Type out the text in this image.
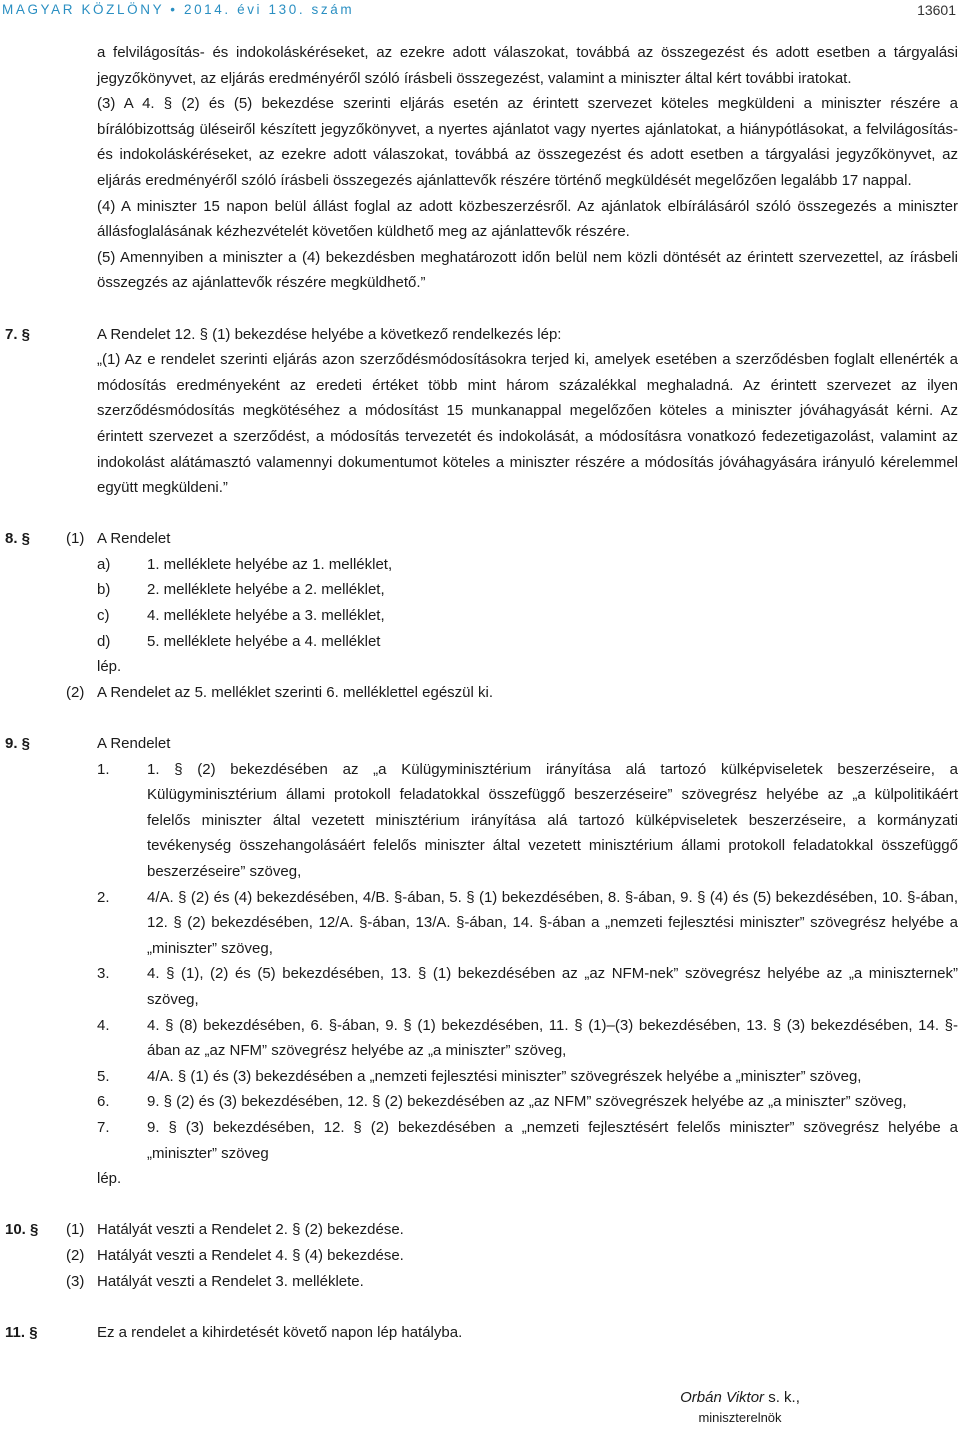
MAGYAR KÖZLÖNY • 2014. évi 130. szám	13601

a felvilágosítás- és indokoláskéréseket, az ezekre adott válaszokat, továbbá az összegezést és adott esetben a tárgyalási jegyzőkönyvet, az eljárás eredményéről szóló írásbeli összegezést, valamint a miniszter által kért további iratokat.

(3) A 4. § (2) és (5) bekezdése szerinti eljárás esetén az érintett szervezet köteles megküldeni a miniszter részére a bírálóbizottság üléseiről készített jegyzőkönyvet, a nyertes ajánlatot vagy nyertes ajánlatokat, a hiánypótlásokat, a felvilágosítás- és indokoláskéréseket, az ezekre adott válaszokat, továbbá az összegezést és adott esetben a tárgyalási jegyzőkönyvet, az eljárás eredményéről szóló írásbeli összegezés ajánlattevők részére történő megküldését megelőzően legalább 17 nappal.

(4) A miniszter 15 napon belül állást foglal az adott közbeszerzésről. Az ajánlatok elbírálásáról szóló összegezés a miniszter állásfoglalásának kézhezvételét követően küldhető meg az ajánlattevők részére.

(5) Amennyiben a miniszter a (4) bekezdésben meghatározott időn belül nem közli döntését az érintett szervezettel, az írásbeli összegzés az ajánlattevők részére megküldhető.”

7. §	A Rendelet 12. § (1) bekezdése helyébe a következő rendelkezés lép:

„(1) Az e rendelet szerinti eljárás azon szerződésmódosításokra terjed ki, amelyek esetében a szerződésben foglalt ellenérték a módosítás eredményeként az eredeti értéket több mint három százalékkal meghaladná. Az érintett szervezet az ilyen szerződésmódosítás megkötéséhez a módosítást 15 munkanappal megelőzően köteles a miniszter jóváhagyását kérni. Az érintett szervezet a szerződést, a módosítás tervezetét és indokolását, a módosításra vonatkozó fedezetigazolást, valamint az indokolást alátámasztó valamennyi dokumentumot köteles a miniszter részére a módosítás jóváhagyására irányuló kérelemmel együtt megküldeni.”

8. § (1) A Rendelet

a) 1. melléklete helyébe az 1. melléklet,

b) 2. melléklete helyébe a 2. melléklet,

c)	4. melléklete helyébe a 3. melléklet,

d) 5. melléklete helyébe a 4. melléklet

lép.

(2) A Rendelet az 5. melléklet szerinti 6. melléklettel egészül ki.

9. §	A Rendelet

1. 1. § (2) bekezdésében az „a Külügyminisztérium irányítása alá tartozó külképviseletek beszerzéseire, a Külügyminisztérium állami protokoll feladatokkal összefüggő beszerzéseire” szövegrész helyébe az „a külpolitikáért felelős miniszter által vezetett minisztérium irányítása alá tartozó külképviseletek beszerzéseire, a kormányzati tevékenység összehangolásáért felelős miniszter által vezetett minisztérium állami protokoll feladatokkal összefüggő beszerzéseire” szöveg,

2. 4/A. § (2) és (4) bekezdésében, 4/B. §-ában, 5. § (1) bekezdésében, 8. §-ában, 9. § (4) és (5) bekezdésében, 10. §-ában, 12. § (2) bekezdésében, 12/A. §-ában, 13/A. §-ában, 14. §-ában a „nemzeti fejlesztési miniszter” szövegrész helyébe a „miniszter” szöveg,

3. 4. § (1), (2) és (5) bekezdésében, 13. § (1) bekezdésében az „az NFM-nek” szövegrész helyébe az „a miniszternek” szöveg,

4. 4. § (8) bekezdésében, 6. §-ában, 9. § (1) bekezdésében, 11. § (1)–(3) bekezdésében, 13. § (3) bekezdésében, 14. §-ában az „az NFM” szövegrész helyébe az „a miniszter” szöveg,

5. 4/A. § (1) és (3) bekezdésében a „nemzeti fejlesztési miniszter” szövegrészek helyébe a „miniszter” szöveg,

6. 9. § (2) és (3) bekezdésében, 12. § (2) bekezdésében az „az NFM” szövegrészek helyébe az „a miniszter” szöveg,

7. 9. § (3) bekezdésében, 12. § (2) bekezdésében a „nemzeti fejlesztésért felelős miniszter” szövegrész helyébe a „miniszter” szöveg

lép.

10. § (1) Hatályát veszti a Rendelet 2. § (2) bekezdése.

(2) Hatályát veszti a Rendelet 4. § (4) bekezdése.

(3) Hatályát veszti a Rendelet 3. melléklete.

11. §	Ez a rendelet a kihirdetését követő napon lép hatályba.

Orbán Viktor s. k.,
miniszterelnök
